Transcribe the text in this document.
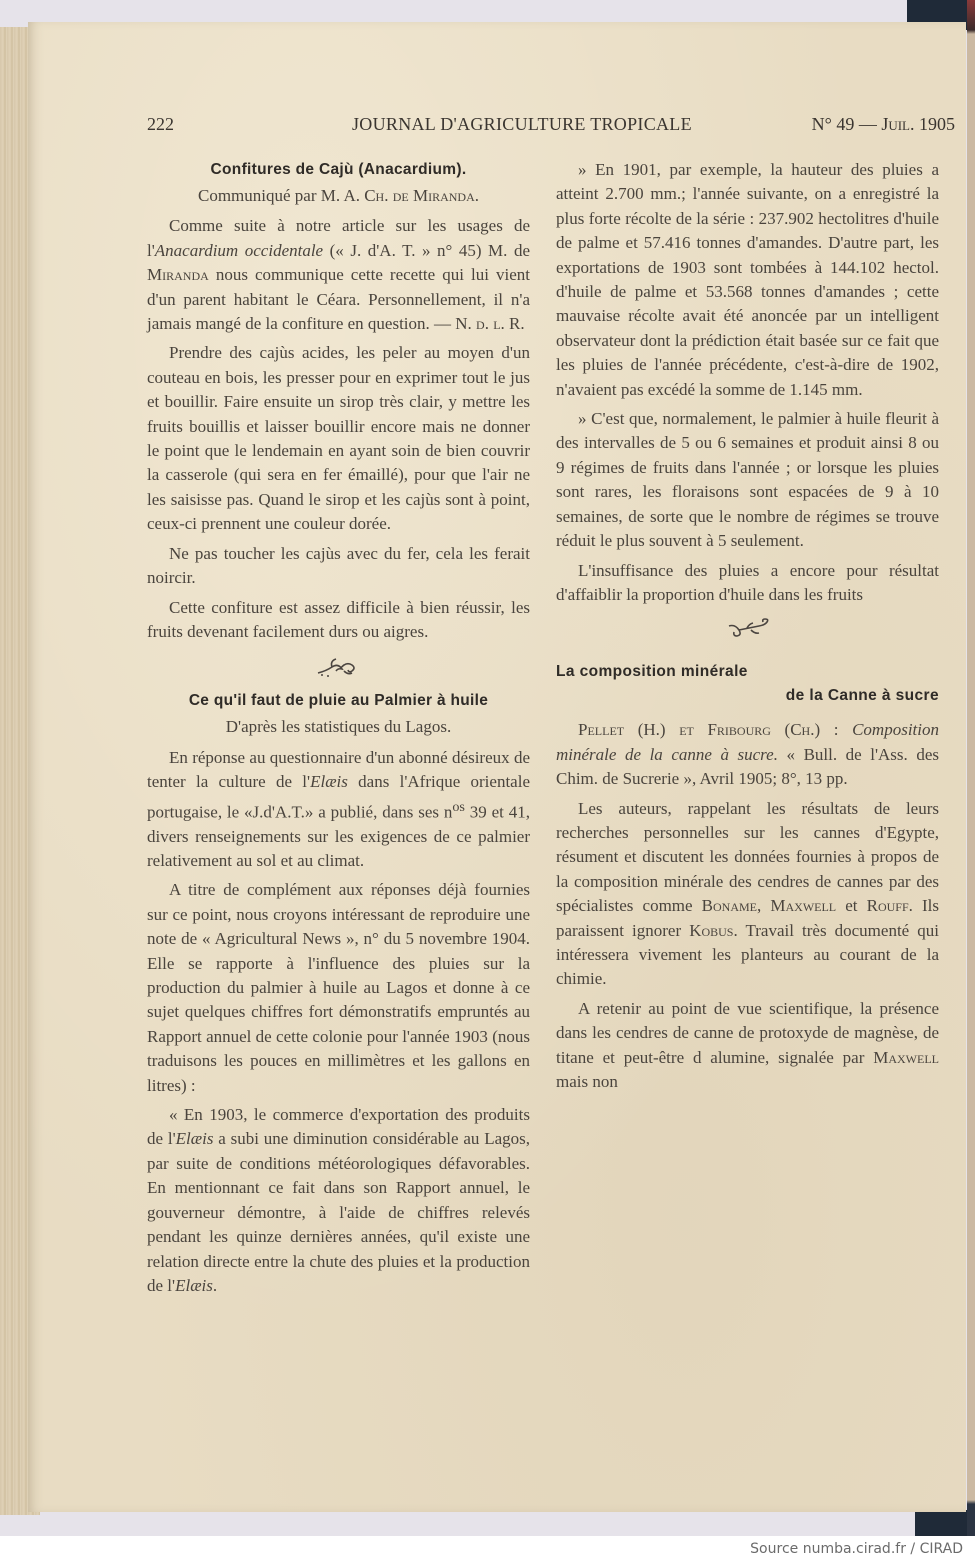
222	JOURNAL D'AGRICULTURE TROPICALE	N° 49 — Juil. 1905
Confitures de Cajù (Anacardium).
Communiqué par M. A. Ch. de Miranda.

Comme suite à notre article sur les usages de l'Anacardium occidentale (« J. d'A. T. » n° 45) M. de Miranda nous communique cette recette qui lui vient d'un parent habitant le Céara. Personnellement, il n'a jamais mangé de la confiture en question. — N. d. l. R.

Prendre des cajùs acides, les peler au moyen d'un couteau en bois, les presser pour en exprimer tout le jus et bouillir. Faire ensuite un sirop très clair, y mettre les fruits bouillis et laisser bouillir encore mais ne donner le point que le lendemain en ayant soin de bien couvrir la casserole (qui sera en fer émaillé), pour que l'air ne les saisisse pas. Quand le sirop et les cajùs sont à point, ceux-ci prennent une couleur dorée.

Ne pas toucher les cajùs avec du fer, cela les ferait noircir.

Cette confiture est assez difficile à bien réussir, les fruits devenant facilement durs ou aigres.

Ce qu'il faut de pluie au Palmier à huile
D'après les statistiques du Lagos.

En réponse au questionnaire d'un abonné désireux de tenter la culture de l'Elæis dans l'Afrique orientale portugaise, le «J.d'A.T.» a publié, dans ses $n^{os}$ 39 et 41, divers renseignements sur les exigences de ce palmier relativement au sol et au climat.

A titre de complément aux réponses déjà fournies sur ce point, nous croyons intéressant de reproduire une note de « Agricultural News », n° du 5 novembre 1904. Elle se rapporte à l'influence des pluies sur la production du palmier à huile au Lagos et donne à ce sujet quelques chiffres fort démonstratifs empruntés au Rapport annuel de cette colonie pour l'année 1903 (nous traduisons les pouces en millimètres et les gallons en litres) :

« En 1903, le commerce d'exportation des produits de l'Elæis a subi une diminution considérable au Lagos, par suite de conditions météorologiques défavorables. En mentionnant ce fait dans son Rapport annuel, le gouverneur démontre, à l'aide de chiffres relevés pendant les quinze dernières années, qu'il existe une relation directe entre la chute des pluies et la production de l'Elæis.

» En 1901, par exemple, la hauteur des pluies a atteint 2.700 mm.; l'année suivante, on a enregistré la plus forte récolte de la série : 237.902 hectolitres d'huile de palme et 57.416 tonnes d'amandes. D'autre part, les exportations de 1903 sont tombées à 144.102 hectol. d'huile de palme et 53.568 tonnes d'amandes ; cette mauvaise récolte avait été anoncée par un intelligent observateur dont la prédiction était basée sur ce fait que les pluies de l'année précédente, c'est-à-dire de 1902, n'avaient pas excédé la somme de 1.145 mm.

» C'est que, normalement, le palmier à huile fleurit à des intervalles de 5 ou 6 semaines et produit ainsi 8 ou 9 régimes de fruits dans l'année ; or lorsque les pluies sont rares, les floraisons sont espacées de 9 à 10 semaines, de sorte que le nombre de régimes se trouve réduit le plus souvent à 5 seulement.

L'insuffisance des pluies a encore pour résultat d'affaiblir la proportion d'huile dans les fruits

La composition minérale
de la Canne à sucre

Pellet (H.) et Fribourg (Ch.) : Composition minérale de la canne à sucre. « Bull. de l'Ass. des Chim. de Sucrerie », Avril 1905; 8°, 13 pp.

Les auteurs, rappelant les résultats de leurs recherches personnelles sur les cannes d'Egypte, résument et discutent les données fournies à propos de la composition minérale des cendres de cannes par des spécialistes comme Boname, Maxwell et Rouff. Ils paraissent ignorer Kobus. Travail très documenté qui intéressera vivement les planteurs au courant de la chimie.

A retenir au point de vue scientifique, la présence dans les cendres de canne de protoxyde de magnèse, de titane et peut-être d alumine, signalée par Maxwell mais non

Source numba.cirad.fr / CIRAD
